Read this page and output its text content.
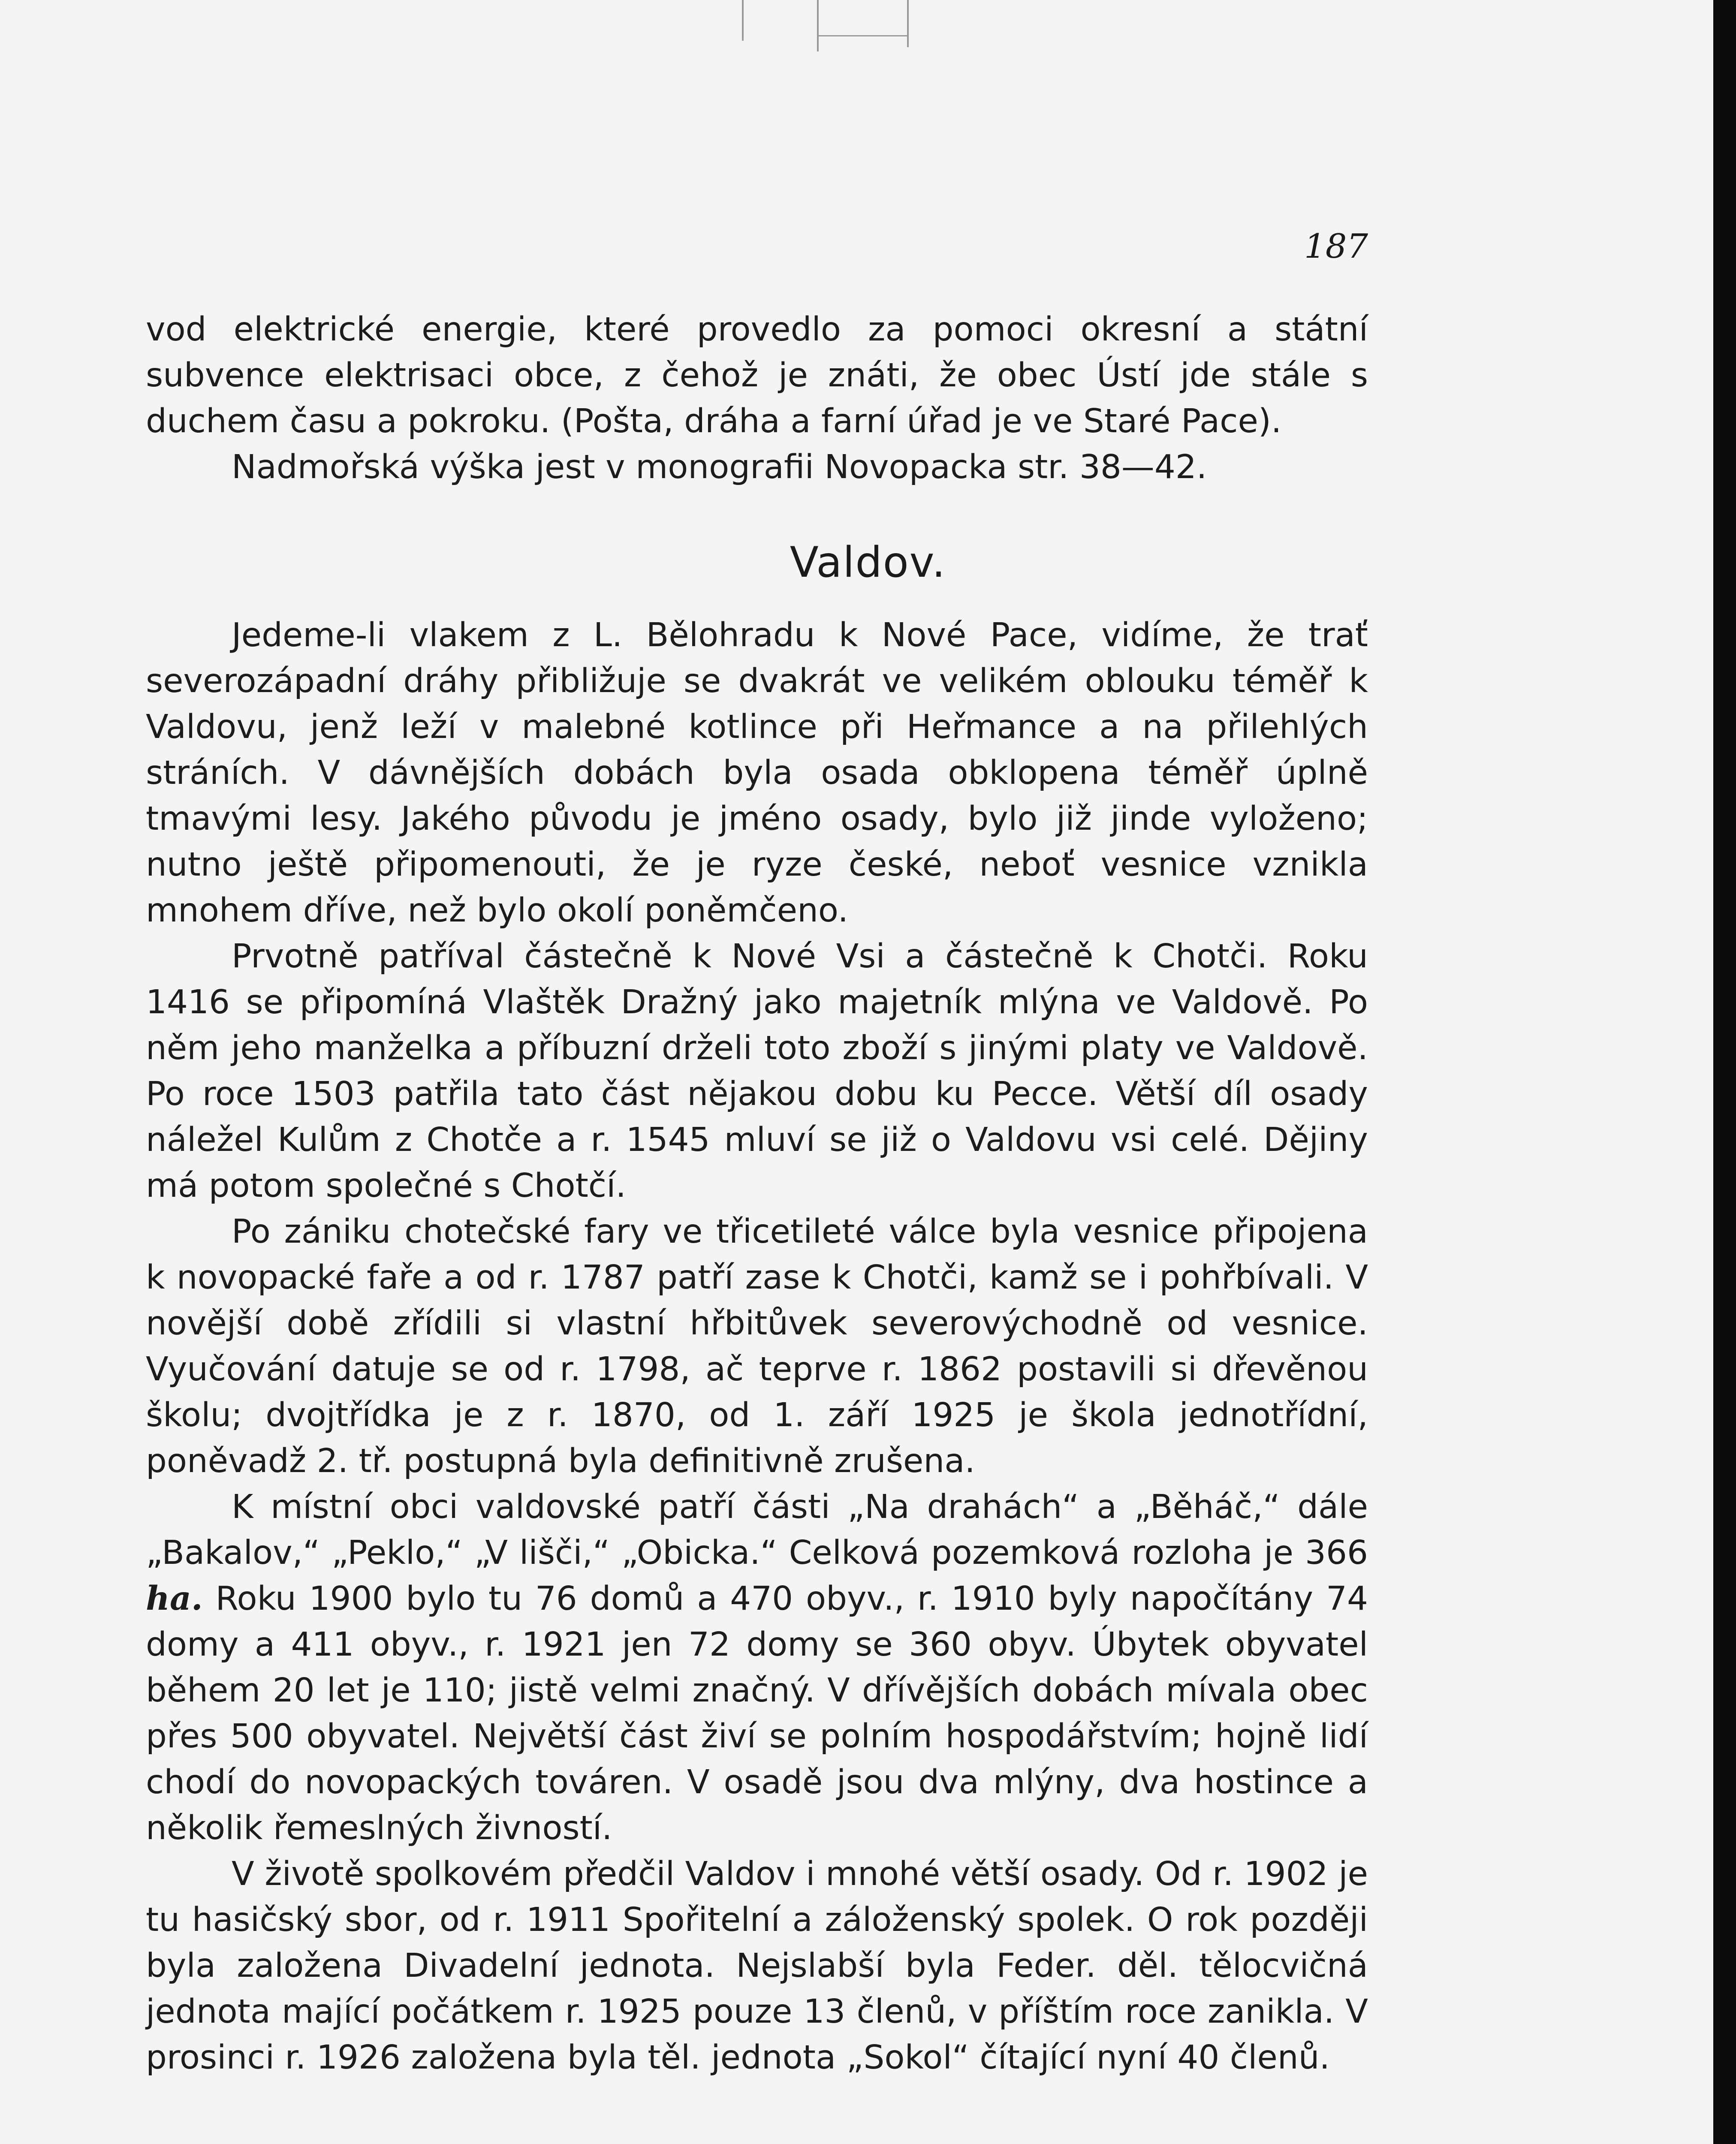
187

vod elektrické energie, které provedlo za pomoci okresní a státní subvence elektrisaci obce, z čehož je znáti, že obec Ústí jde stále s duchem času a pokroku. (Pošta, dráha a farní úřad je ve Staré Pace).

Nadmořská výška jest v monografii Novopacka str. 38—42.

Valdov.

Jedeme-li vlakem z L. Bělohradu k Nové Pace, vidíme, že trať severozápadní dráhy přibližuje se dvakrát ve velikém oblouku téměř k Valdovu, jenž leží v malebné kotlince při Heřmance a na přilehlých stráních. V dávnějších dobách byla osada obklopena téměř úplně tmavými lesy. Jakého původu je jméno osady, bylo již jinde vyloženo; nutno ještě připomenouti, že je ryze české, neboť vesnice vznikla mnohem dříve, než bylo okolí poněmčeno.

Prvotně patříval částečně k Nové Vsi a částečně k Chotči. Roku 1416 se připomíná Vlaštěk Dražný jako majetník mlýna ve Valdově. Po něm jeho manželka a příbuzní drželi toto zboží s jinými platy ve Valdově. Po roce 1503 patřila tato část nějakou dobu ku Pecce. Větší díl osady náležel Kulům z Chotče a r. 1545 mluví se již o Valdovu vsi celé. Dějiny má potom společné s Chotčí.

Po zániku chotečské fary ve třicetileté válce byla vesnice připojena k novopacké faře a od r. 1787 patří zase k Chotči, kamž se i pohřbívali. V novější době zřídili si vlastní hřbitůvek severovýchodně od vesnice. Vyučování datuje se od r. 1798, ač teprve r. 1862 postavili si dřevěnou školu; dvojtřídka je z r. 1870, od 1. září 1925 je škola jednotřídní, poněvadž 2. tř. postupná byla definitivně zrušena.

K místní obci valdovské patří části „Na drahách“ a „Běháč,“ dále „Bakalov,“ „Peklo,“ „V lišči,“ „Obicka.“ Celková pozemková rozloha je 366 ha. Roku 1900 bylo tu 76 domů a 470 obyv., r. 1910 byly napočítány 74 domy a 411 obyv., r. 1921 jen 72 domy se 360 obyv. Úbytek obyvatel během 20 let je 110; jistě velmi značný. V dřívějších dobách mívala obec přes 500 obyvatel. Největší část živí se polním hospodářstvím; hojně lidí chodí do novopackých továren. V osadě jsou dva mlýny, dva hostince a několik řemeslných živností.

V životě spolkovém předčil Valdov i mnohé větší osady. Od r. 1902 je tu hasičský sbor, od r. 1911 Spořitelní a záloženský spolek. O rok později byla založena Divadelní jednota. Nejslabší byla Feder. děl. tělocvičná jednota mající počátkem r. 1925 pouze 13 členů, v příštím roce zanikla. V prosinci r. 1926 založena byla těl. jednota „Sokol“ čítající nyní 40 členů.
